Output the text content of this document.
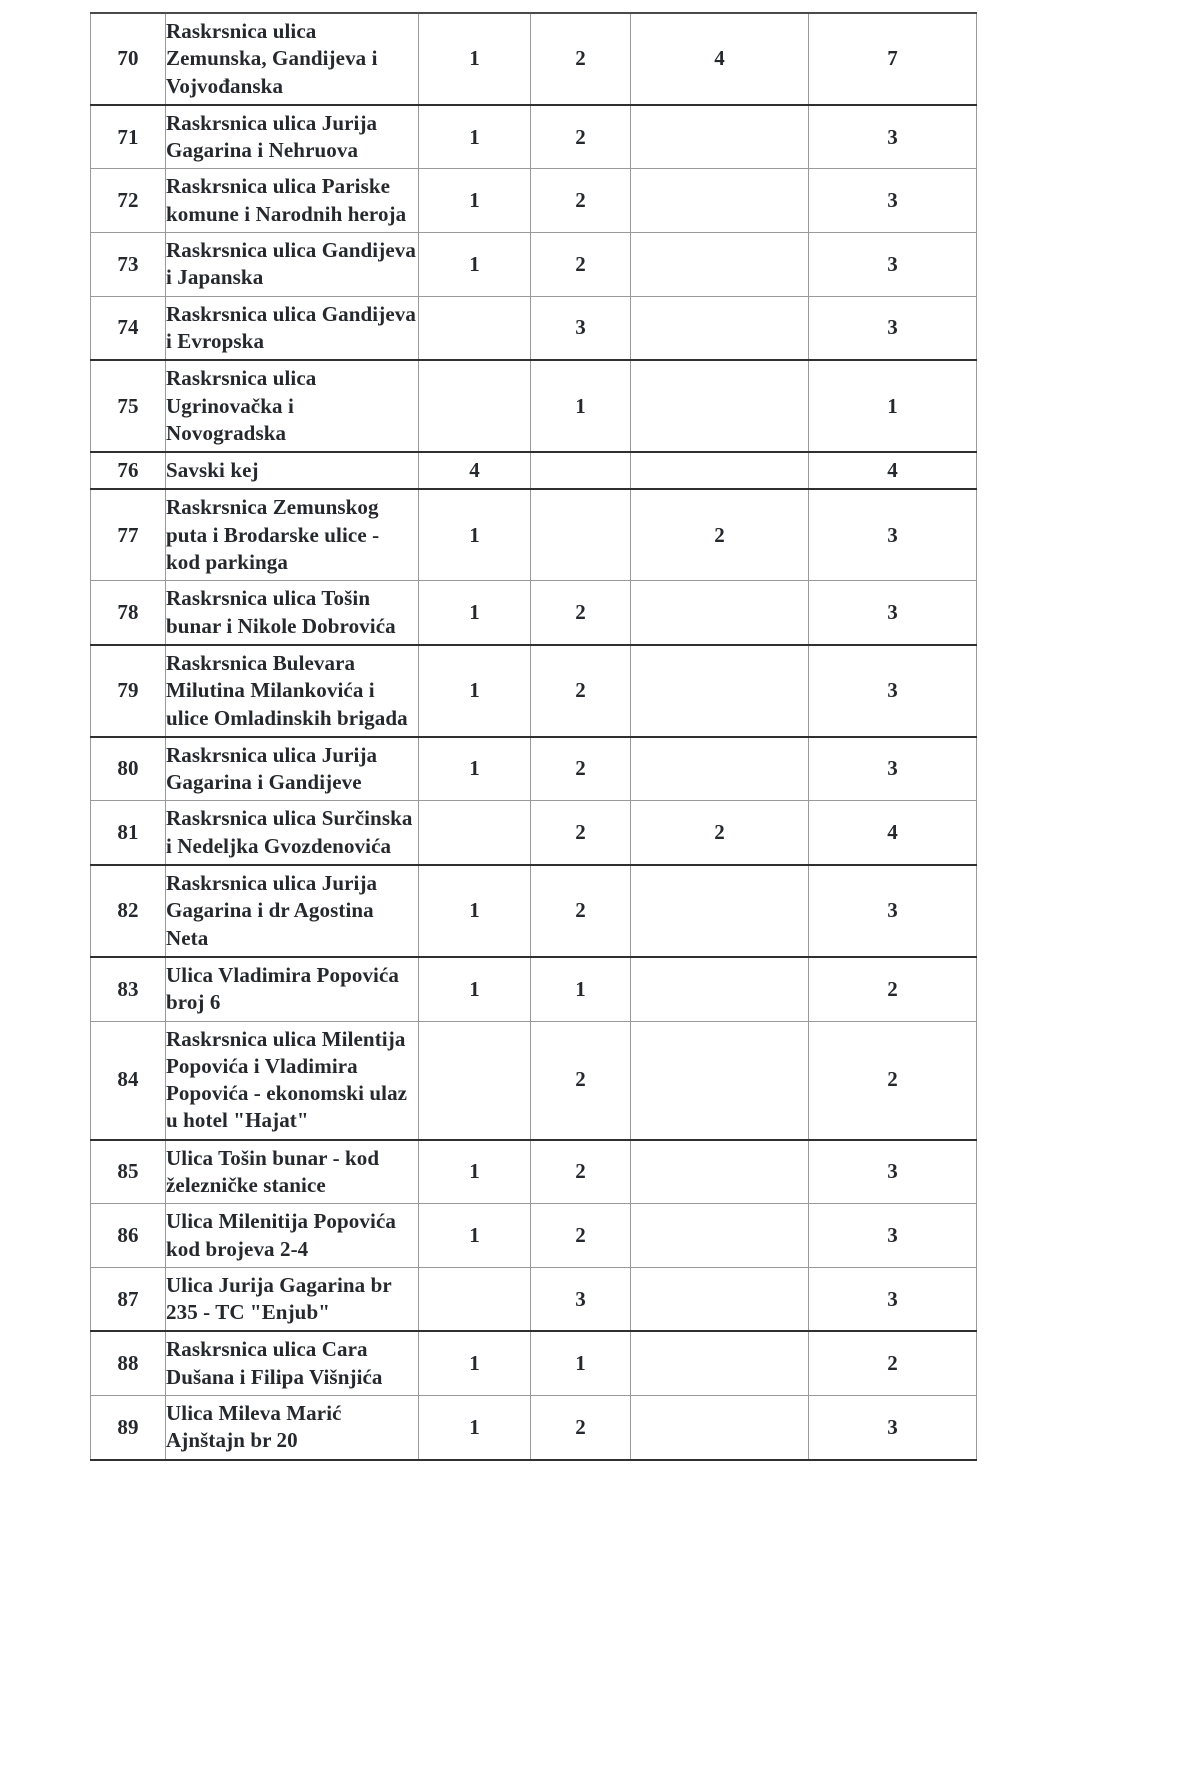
70	Raskrsnica ulica Zemunska, Gandijeva i Vojvođanska	1	2	4	7
71	Raskrsnica ulica Jurija Gagarina i Nehruova	1	2		3
72	Raskrsnica ulica Pariske komune i Narodnih heroja	1	2		3
73	Raskrsnica ulica Gandijeva i Japanska	1	2		3
74	Raskrsnica ulica Gandijeva i Evropska		3		3
75	Raskrsnica ulica Ugrinovačka i Novogradska		1		1
76	Savski kej	4			4
77	Raskrsnica Zemunskog puta i Brodarske ulice - kod parkinga	1		2	3
78	Raskrsnica ulica Tošin bunar i Nikole Dobrovića	1	2		3
79	Raskrsnica Bulevara Milutina Milankovića i ulice Omladinskih brigada	1	2		3
80	Raskrsnica ulica Jurija Gagarina i Gandijeve	1	2		3
81	Raskrsnica ulica Surčinska i Nedeljka Gvozdenovića		2	2	4
82	Raskrsnica ulica Jurija Gagarina i dr Agostina Neta	1	2		3
83	Ulica Vladimira Popovića broj 6	1	1		2
84	Raskrsnica ulica Milentija Popovića i Vladimira Popovića - ekonomski ulaz u hotel "Hajat"		2		2
85	Ulica Tošin bunar - kod železničke stanice	1	2		3
86	Ulica Milenitija Popovića kod brojeva 2-4	1	2		3
87	Ulica Jurija Gagarina br 235 - TC "Enjub"		3		3
88	Raskrsnica ulica Cara Dušana i Filipa Višnjića	1	1		2
89	Ulica Mileva Marić Ajnštajn br 20	1	2		3
